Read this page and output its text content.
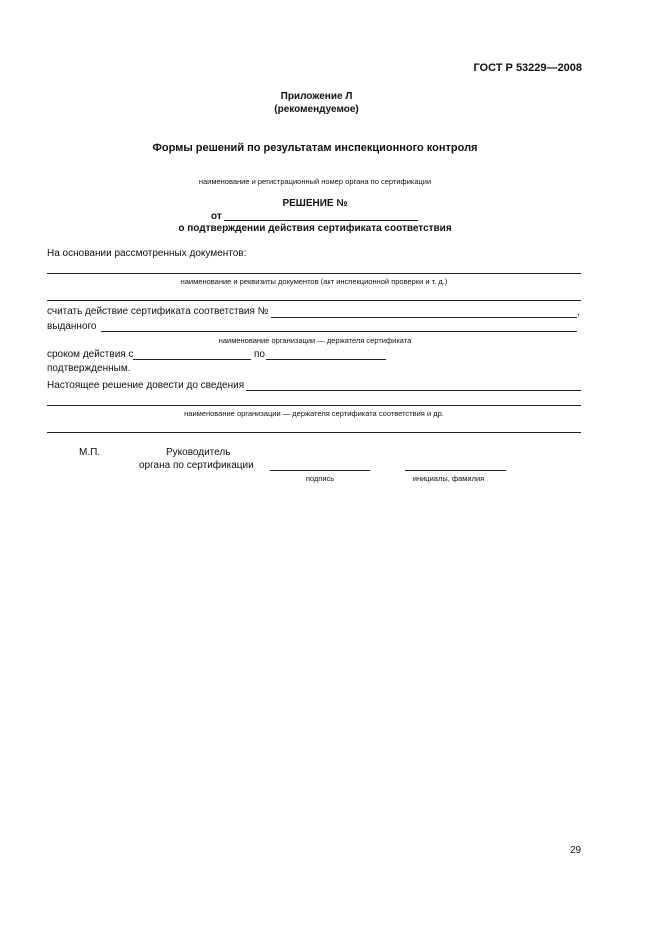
ГОСТ Р 53229—2008
Приложение Л
(рекомендуемое)
Формы решений по результатам инспекционного контроля
наименование и регистрационный номер органа по сертификации
РЕШЕНИЕ №
от
о подтверждении действия сертификата соответствия
На основании рассмотренных документов:
наименование и реквизиты документов (акт инспекционной проверки и т. д.)
считать действие сертификата соответствия №	,
выданного
наименование организации — держателя сертификата
сроком действия с	по
подтвержденным.
Настоящее решение довести до сведения
наименование организации — держателя сертификата соответствия и др.
М.П.	Руководитель
органа по сертификации
подпись	инициалы, фамилия
29
